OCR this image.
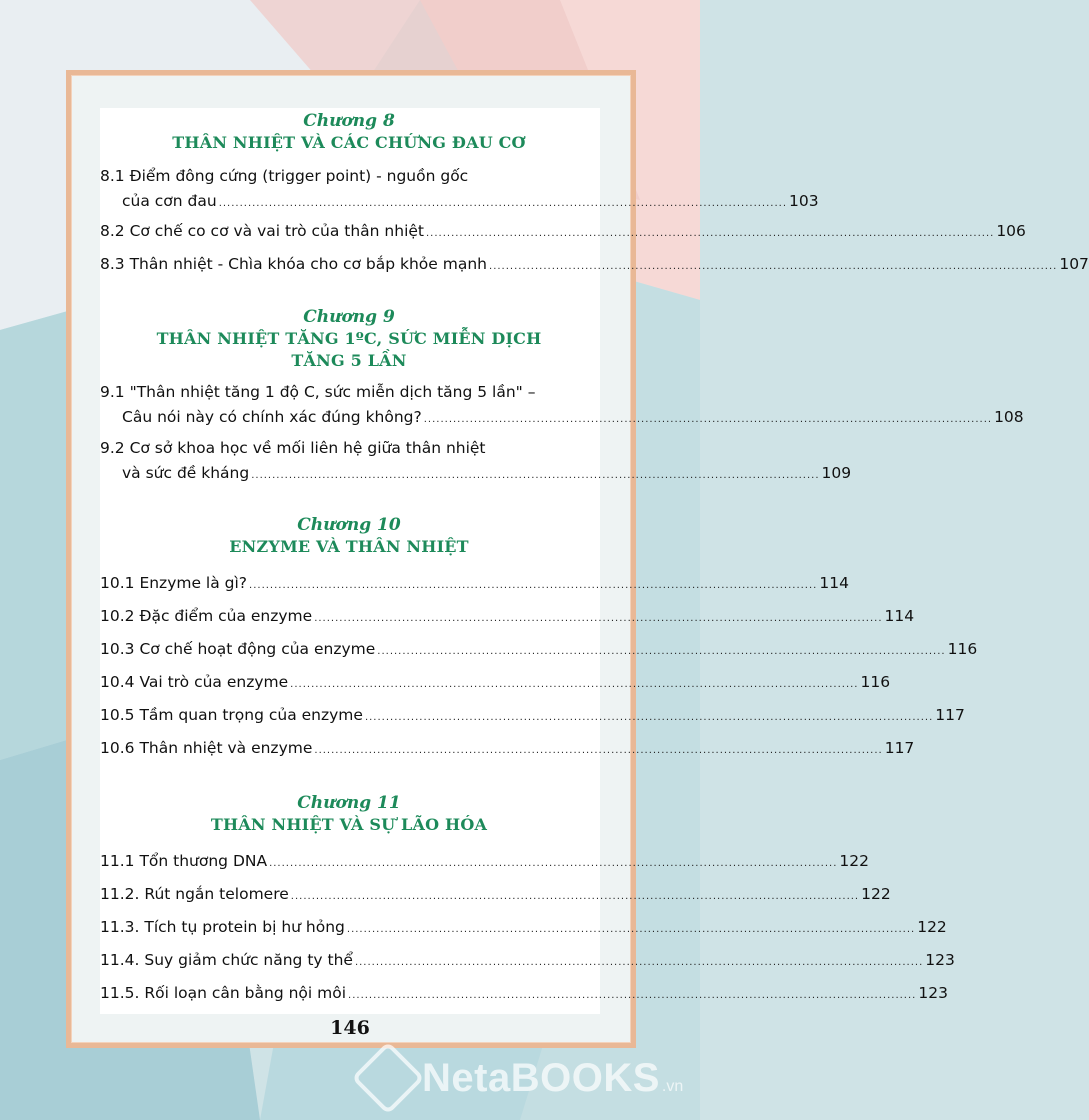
Chương 8
THÂN NHIỆT VÀ CÁC CHỨNG ĐAU CƠ
8.1 Điểm đông cứng (trigger point) - nguồn gốc
của cơn đau ........................................................................................................................................ 103
8.2 Cơ chế co cơ và vai trò của thân nhiệt ........................................................................................................................................ 106
8.3 Thân nhiệt - Chìa khóa cho cơ bắp khỏe mạnh ........................................................................................................................................ 107
Chương 9
THÂN NHIỆT TĂNG 1ºC, SỨC MIỄN DỊCH
TĂNG 5 LẦN
9.1 "Thân nhiệt tăng 1 độ C, sức miễn dịch tăng 5 lần" –
Câu nói này có chính xác đúng không? ........................................................................................................................................ 108
9.2 Cơ sở khoa học về mối liên hệ giữa thân nhiệt
và sức đề kháng ........................................................................................................................................ 109
Chương 10
ENZYME VÀ THÂN NHIỆT
10.1 Enzyme là gì? ........................................................................................................................................ 114
10.2 Đặc điểm của enzyme ........................................................................................................................................ 114
10.3 Cơ chế hoạt động của enzyme ........................................................................................................................................ 116
10.4 Vai trò của enzyme ........................................................................................................................................ 116
10.5 Tầm quan trọng của enzyme ........................................................................................................................................ 117
10.6 Thân nhiệt và enzyme ........................................................................................................................................ 117
Chương 11
THÂN NHIỆT VÀ SỰ LÃO HÓA
11.1 Tổn thương DNA ........................................................................................................................................ 122
11.2. Rút ngắn telomere ........................................................................................................................................ 122
11.3. Tích tụ protein bị hư hỏng ........................................................................................................................................ 122
11.4. Suy giảm chức năng ty thể ........................................................................................................................................ 123
11.5. Rối loạn cân bằng nội môi ........................................................................................................................................ 123
146
NetaBOOKS .vn
